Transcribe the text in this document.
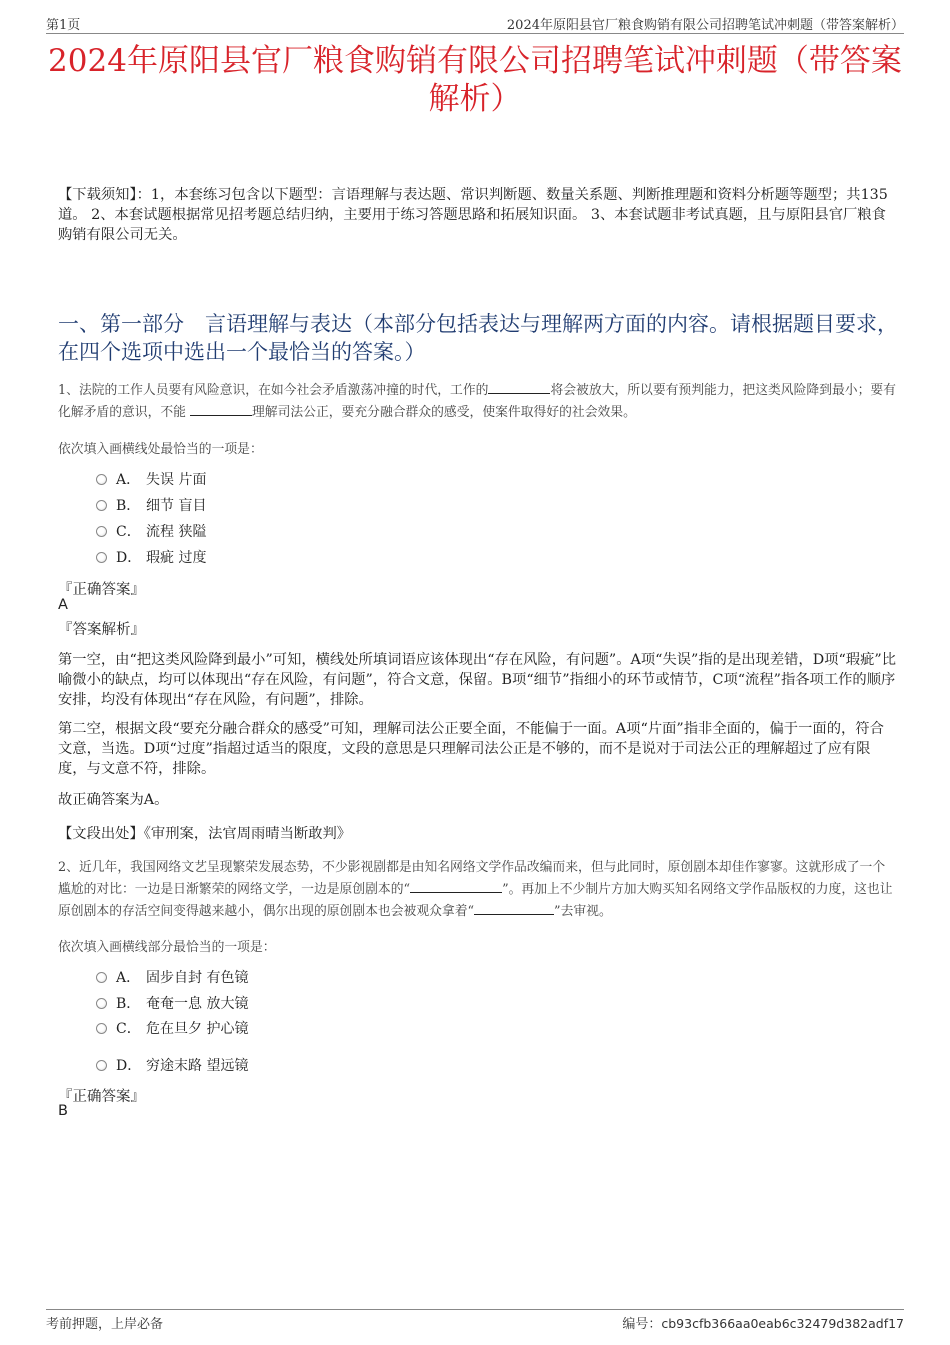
第1页	2024年原阳县官厂粮食购销有限公司招聘笔试冲刺题（带答案解析）
2024年原阳县官厂粮食购销有限公司招聘笔试冲刺题（带答案解析）
【下载须知】：1，本套练习包含以下题型：言语理解与表达题、常识判断题、数量关系题、判断推理题和资料分析题等题型；共135道。 2、本套试题根据常见招考题总结归纳，主要用于练习答题思路和拓展知识面。 3、本套试题非考试真题，且与原阳县官厂粮食购销有限公司无关。
一、第一部分　言语理解与表达（本部分包括表达与理解两方面的内容。请根据题目要求，在四个选项中选出一个最恰当的答案。）
1、法院的工作人员要有风险意识，在如今社会矛盾激荡冲撞的时代，工作的	将会被放大，所以要有预判能力，把这类风险降到最小；要有化解矛盾的意识，不能	理解司法公正，要充分融合群众的感受，使案件取得好的社会效果。
依次填入画横线处最恰当的一项是：
A． 失误 片面
B． 细节 盲目
C． 流程 狭隘
D． 瑕疵 过度
『正确答案』
A
『答案解析』
第一空，由“把这类风险降到最小”可知，横线处所填词语应该体现出“存在风险，有问题”。A项“失误”指的是出现差错，D项“瑕疵”比喻微小的缺点，均可以体现出“存在风险，有问题”，符合文意，保留。B项“细节”指细小的环节或情节，C项“流程”指各项工作的顺序安排，均没有体现出“存在风险，有问题”，排除。
第二空，根据文段“要充分融合群众的感受”可知，理解司法公正要全面，不能偏于一面。A项“片面”指非全面的，偏于一面的，符合文意，当选。D项“过度”指超过适当的限度，文段的意思是只理解司法公正是不够的，而不是说对于司法公正的理解超过了应有限度，与文意不符，排除。
故正确答案为A。
【文段出处】《审刑案，法官周雨晴当断敢判》
2、近几年，我国网络文艺呈现繁荣发展态势，不少影视剧都是由知名网络文学作品改编而来，但与此同时，原创剧本却佳作寥寥。这就形成了一个尴尬的对比：一边是日渐繁荣的网络文学，一边是原创剧本的“	”。再加上不少制片方加大购买知名网络文学作品版权的力度，这也让原创剧本的存活空间变得越来越小，偶尔出现的原创剧本也会被观众拿着“	”去审视。
依次填入画横线部分最恰当的一项是：
A． 固步自封 有色镜
B． 奄奄一息 放大镜
C． 危在旦夕 护心镜
D． 穷途末路 望远镜
『正确答案』
B
考前押题，上岸必备	编号：cb93cfb366aa0eab6c32479d382adf17
